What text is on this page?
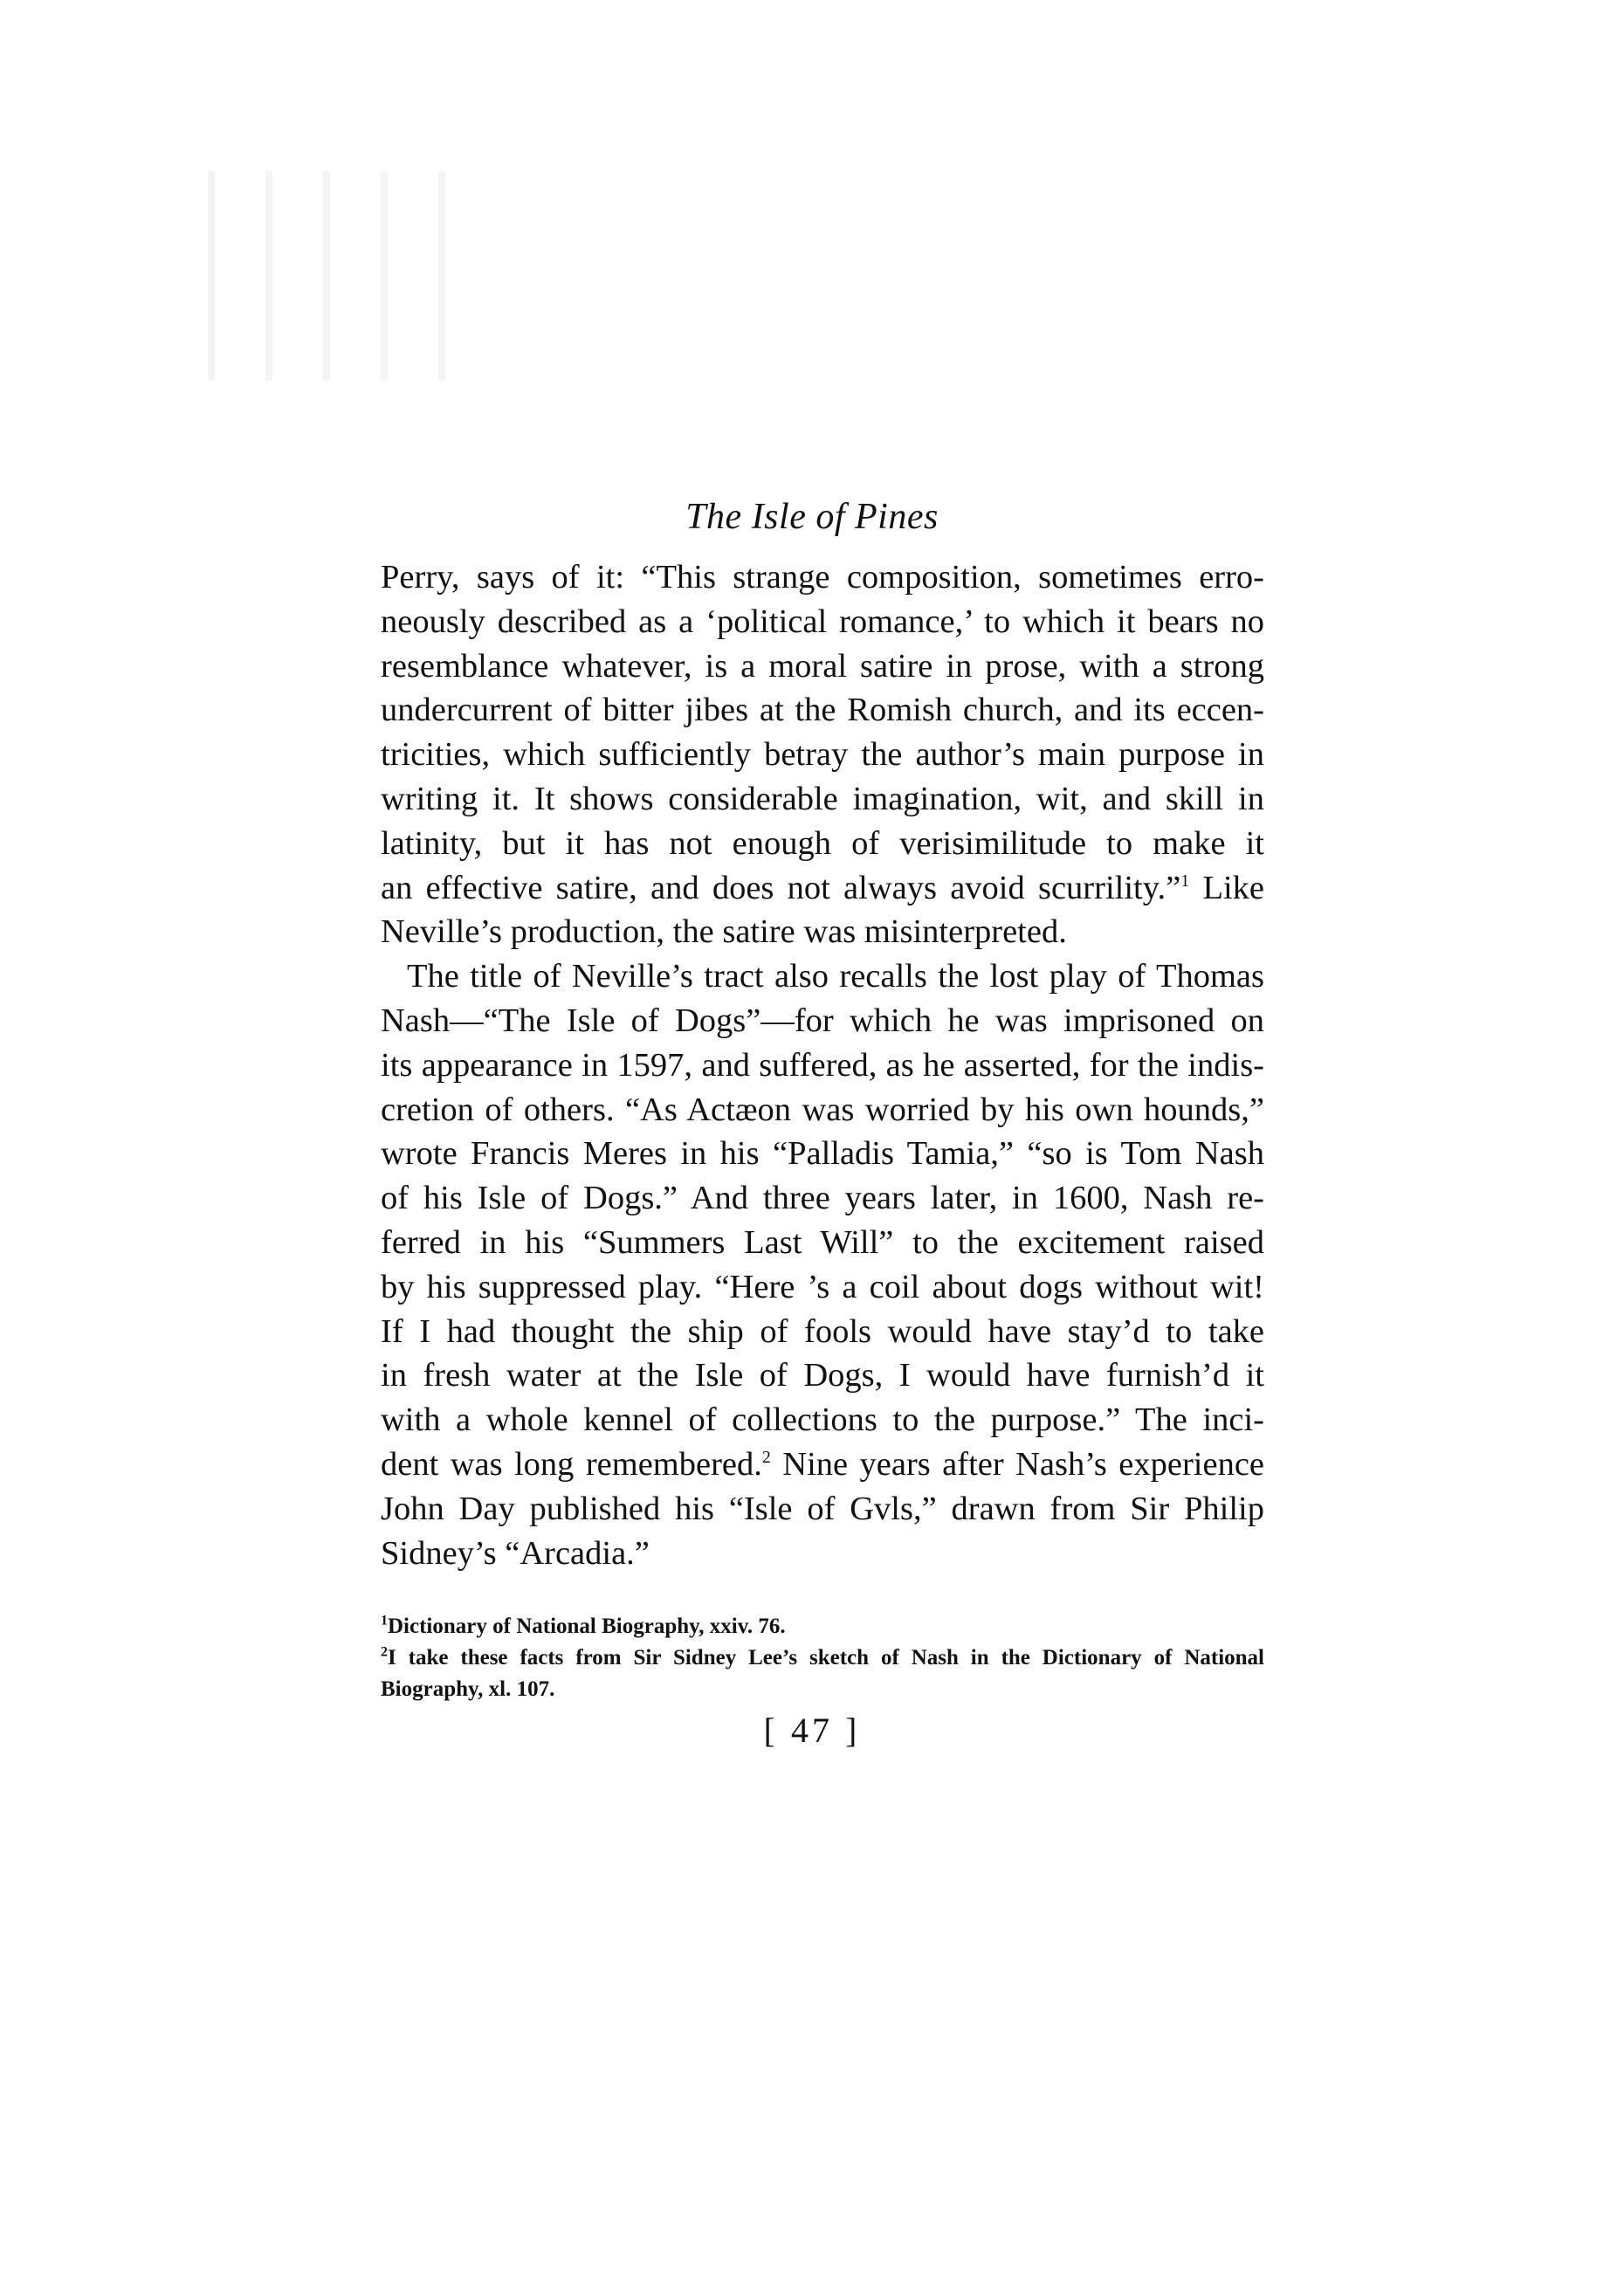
The Isle of Pines
Perry, says of it: “This strange composition, sometimes erro-
neously described as a ‘political romance,’ to which it bears no
resemblance whatever, is a moral satire in prose, with a strong
undercurrent of bitter jibes at the Romish church, and its eccen-
tricities, which sufficiently betray the author’s main purpose in
writing it. It shows considerable imagination, wit, and skill in
latinity, but it has not enough of verisimilitude to make it
an effective satire, and does not always avoid scurrility.”$^1$ Like
Neville’s production, the satire was misinterpreted.
The title of Neville’s tract also recalls the lost play of Thomas
Nash—“The Isle of Dogs”—for which he was imprisoned on
its appearance in 1597, and suffered, as he asserted, for the indis-
cretion of others. “As Actæon was worried by his own hounds,”
wrote Francis Meres in his “Palladis Tamia,” “so is Tom Nash
of his Isle of Dogs.” And three years later, in 1600, Nash re-
ferred in his “Summers Last Will” to the excitement raised
by his suppressed play. “Here ’s a coil about dogs without wit!
If I had thought the ship of fools would have stay’d to take
in fresh water at the Isle of Dogs, I would have furnish’d it
with a whole kennel of collections to the purpose.” The inci-
dent was long remembered.$^2$ Nine years after Nash’s experience
John Day published his “Isle of Gvls,” drawn from Sir Philip
Sidney’s “Arcadia.”
$^1$Dictionary of National Biography, xxiv. 76.
$^2$I take these facts from Sir Sidney Lee’s sketch of Nash in the Dictionary of National
Biography, xl. 107.
[ 47 ]
